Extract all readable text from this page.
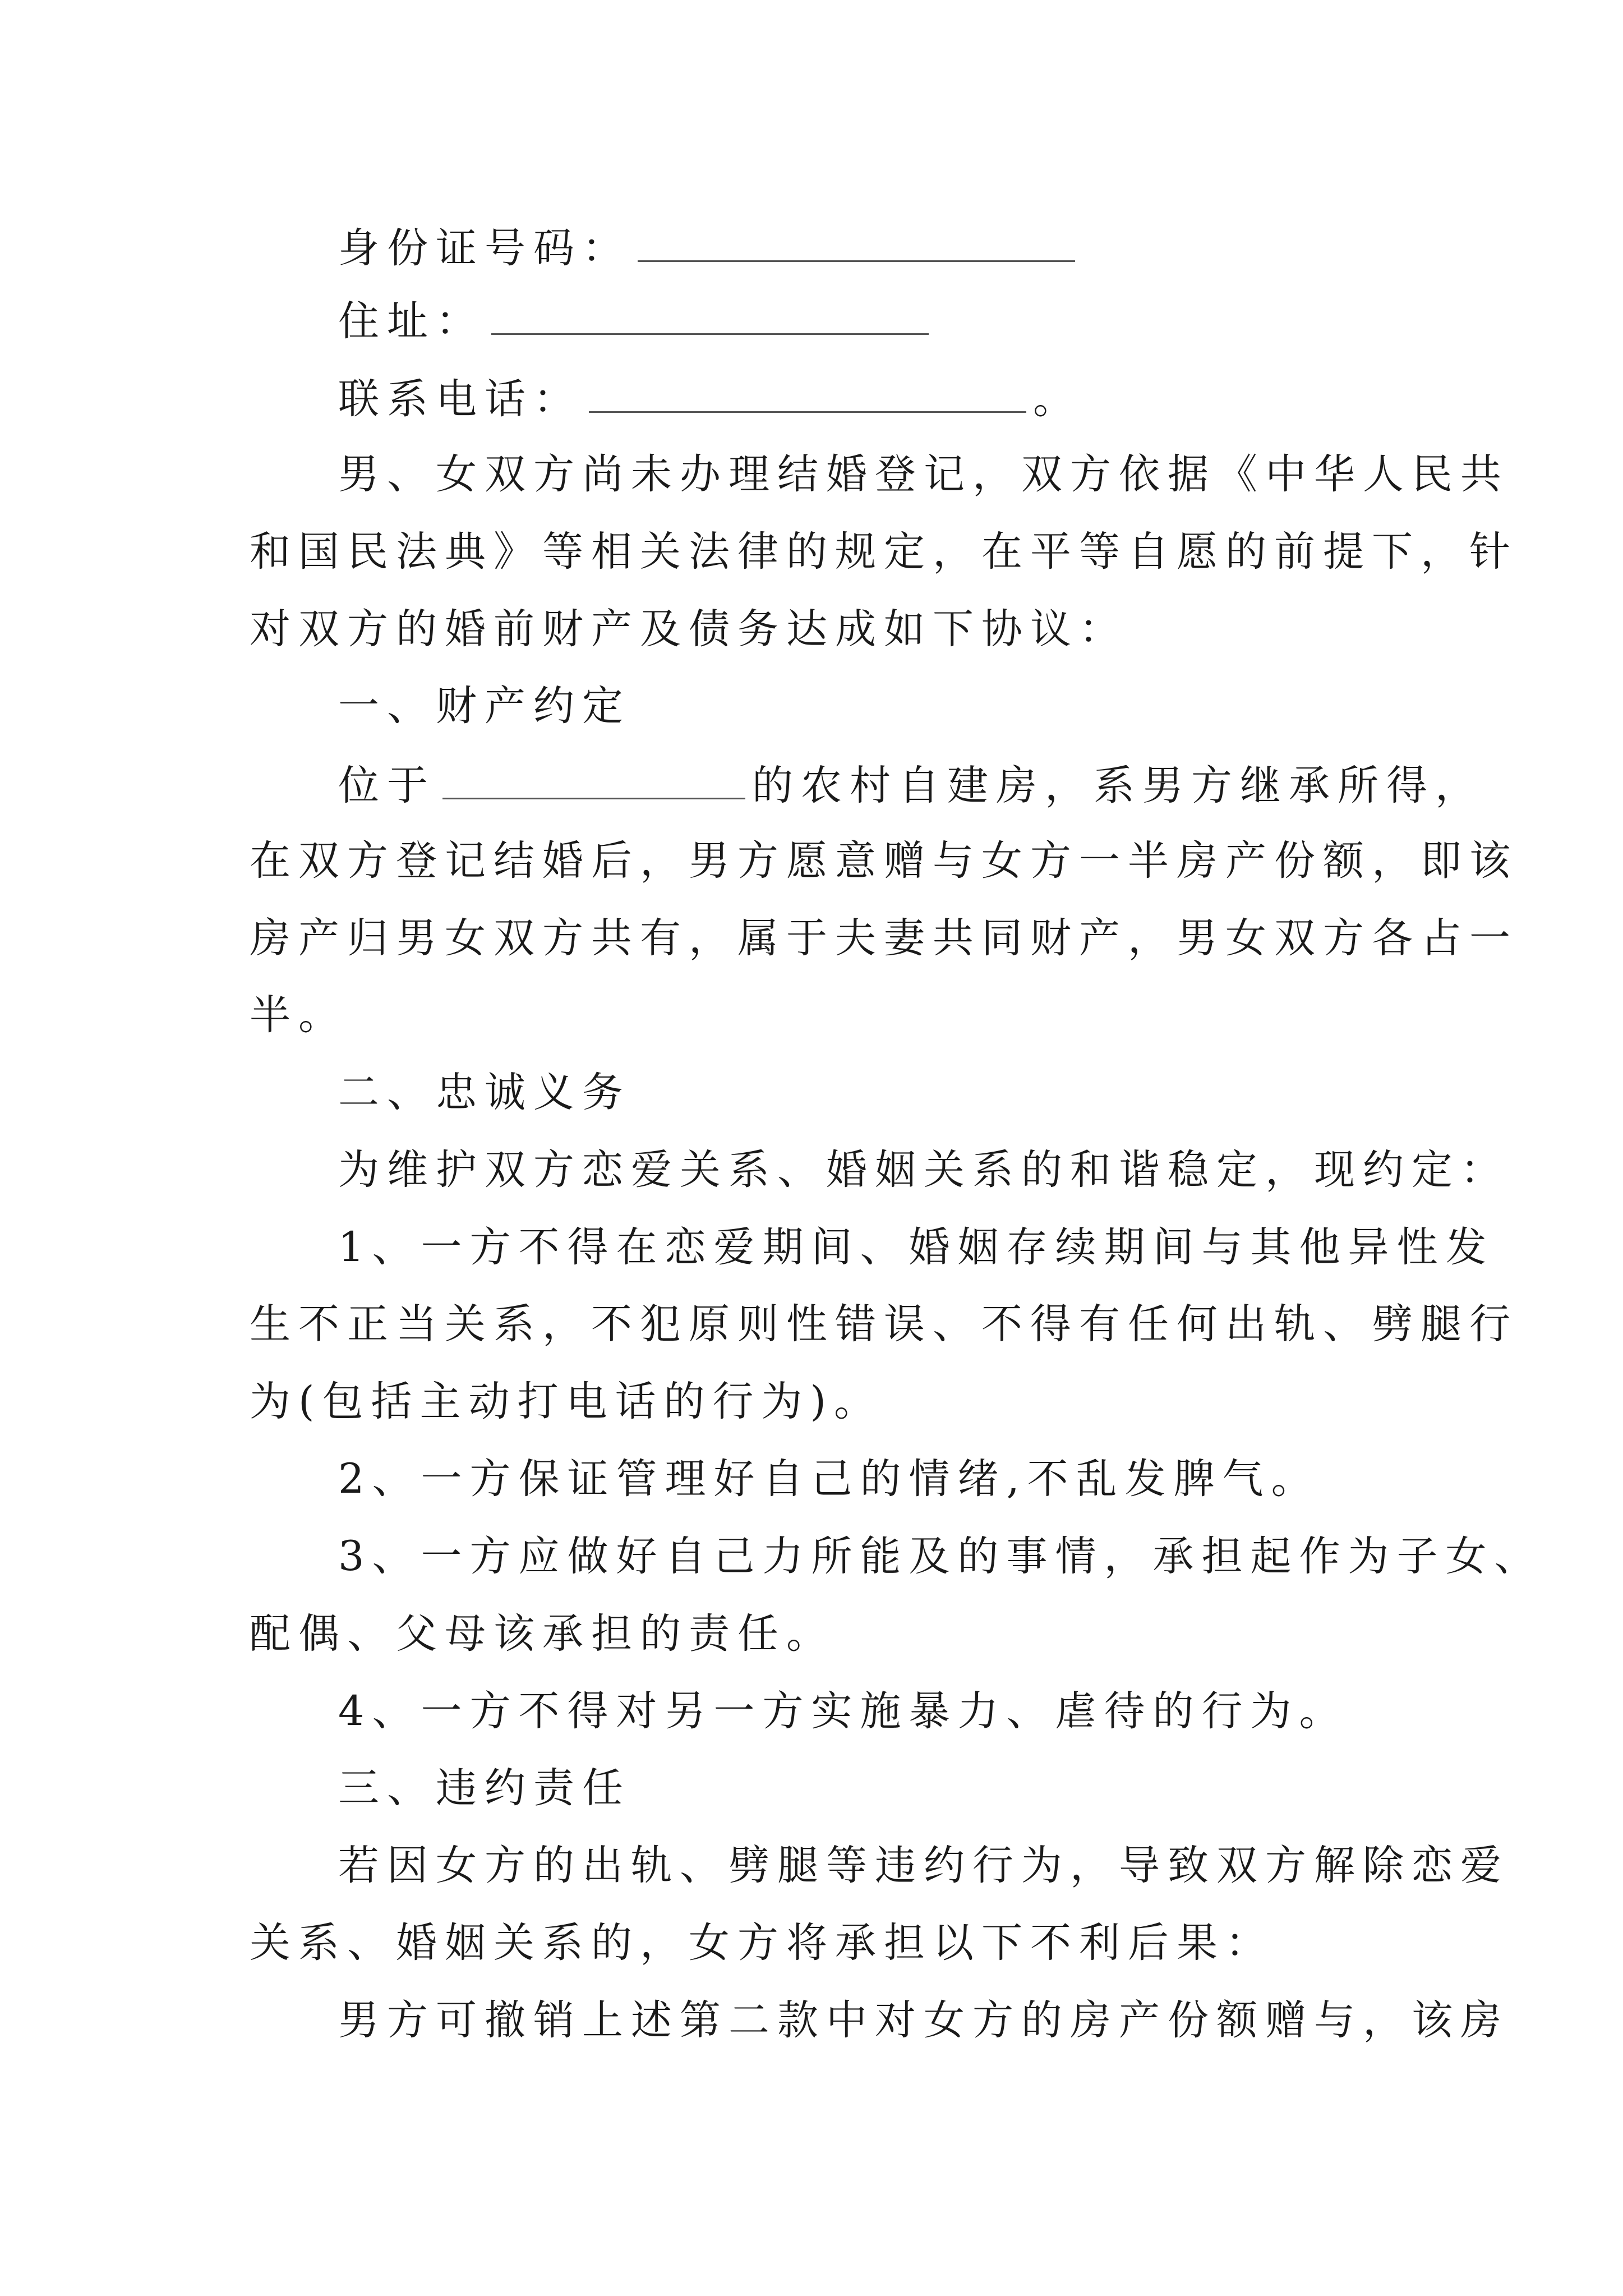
身份证号码：
住址：
联系电话：	。
男、女双方尚未办理结婚登记，双方依据《中华人民共
和国民法典》等相关法律的规定，在平等自愿的前提下，针
对双方的婚前财产及债务达成如下协议：
一、财产约定
位于	的农村自建房，系男方继承所得，
在双方登记结婚后，男方愿意赠与女方一半房产份额，即该
房产归男女双方共有，属于夫妻共同财产，男女双方各占一
半。
二、忠诚义务
为维护双方恋爱关系、婚姻关系的和谐稳定，现约定：
1、一方不得在恋爱期间、婚姻存续期间与其他异性发
生不正当关系，不犯原则性错误、不得有任何出轨、劈腿行
为(包括主动打电话的行为)。
2、一方保证管理好自己的情绪,不乱发脾气。
3、一方应做好自己力所能及的事情，承担起作为子女、
配偶、父母该承担的责任。
4、一方不得对另一方实施暴力、虐待的行为。
三、违约责任
若因女方的出轨、劈腿等违约行为，导致双方解除恋爱
关系、婚姻关系的，女方将承担以下不利后果：
男方可撤销上述第二款中对女方的房产份额赠与，该房
